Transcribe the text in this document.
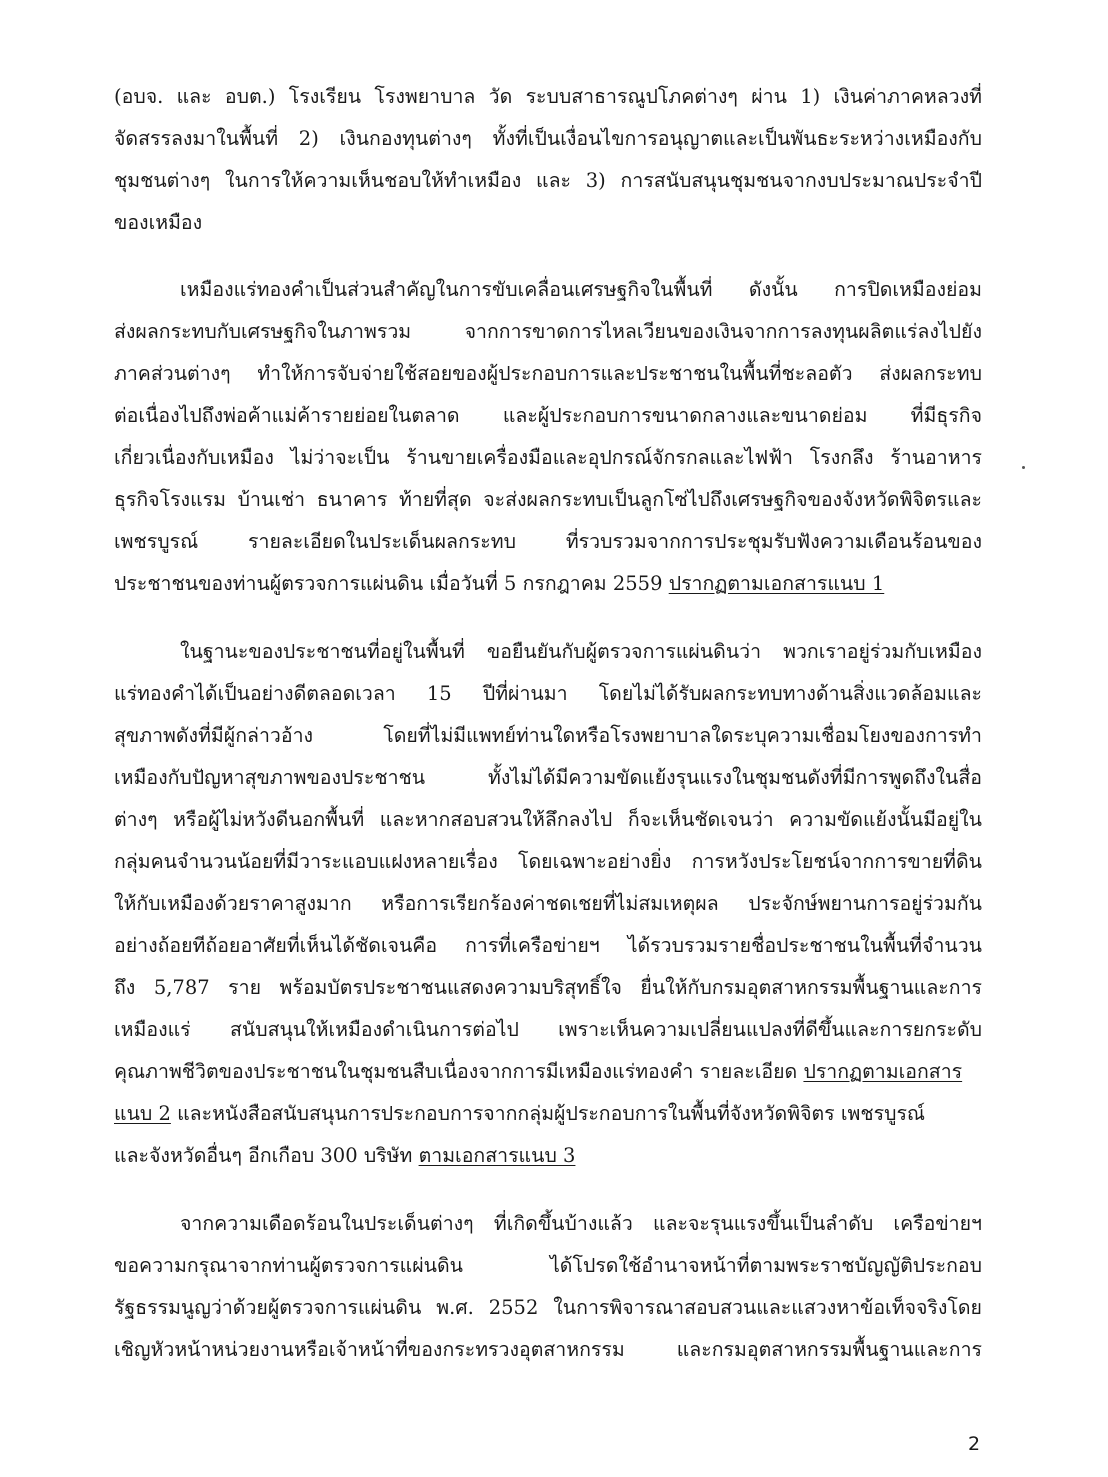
(อบจ. และ อบต.) โรงเรียน โรงพยาบาล วัด ระบบสาธารณูปโภคต่างๆ ผ่าน 1) เงินค่าภาคหลวงที่
จัดสรรลงมาในพื้นที่ 2) เงินกองทุนต่างๆ ทั้งที่เป็นเงื่อนไขการอนุญาตและเป็นพันธะระหว่างเหมืองกับ
ชุมชนต่างๆ ในการให้ความเห็นชอบให้ทำเหมือง และ 3) การสนับสนุนชุมชนจากงบประมาณประจำปี
ของเหมือง
เหมืองแร่ทองคำเป็นส่วนสำคัญในการขับเคลื่อนเศรษฐกิจในพื้นที่ ดังนั้น การปิดเหมืองย่อม
ส่งผลกระทบกับเศรษฐกิจในภาพรวม จากการขาดการไหลเวียนของเงินจากการลงทุนผลิตแร่ลงไปยัง
ภาคส่วนต่างๆ ทำให้การจับจ่ายใช้สอยของผู้ประกอบการและประชาชนในพื้นที่ชะลอตัว ส่งผลกระทบ
ต่อเนื่องไปถึงพ่อค้าแม่ค้ารายย่อยในตลาด และผู้ประกอบการขนาดกลางและขนาดย่อม ที่มีธุรกิจ
เกี่ยวเนื่องกับเหมือง ไม่ว่าจะเป็น ร้านขายเครื่องมือและอุปกรณ์จักรกลและไฟฟ้า โรงกลึง ร้านอาหาร
ธุรกิจโรงแรม บ้านเช่า ธนาคาร ท้ายที่สุด จะส่งผลกระทบเป็นลูกโซ่ไปถึงเศรษฐกิจของจังหวัดพิจิตรและ
เพชรบูรณ์ รายละเอียดในประเด็นผลกระทบ ที่รวบรวมจากการประชุมรับฟังความเดือนร้อนของ
ประชาชนของท่านผู้ตรวจการแผ่นดิน เมื่อวันที่ 5 กรกฎาคม 2559 ปรากฏตามเอกสารแนบ 1
ในฐานะของประชาชนที่อยู่ในพื้นที่ ขอยืนยันกับผู้ตรวจการแผ่นดินว่า พวกเราอยู่ร่วมกับเหมือง
แร่ทองคำได้เป็นอย่างดีตลอดเวลา 15 ปีที่ผ่านมา โดยไม่ได้รับผลกระทบทางด้านสิ่งแวดล้อมและ
สุขภาพดังที่มีผู้กล่าวอ้าง โดยที่ไม่มีแพทย์ท่านใดหรือโรงพยาบาลใดระบุความเชื่อมโยงของการทำ
เหมืองกับปัญหาสุขภาพของประชาชน ทั้งไม่ได้มีความขัดแย้งรุนแรงในชุมชนดังที่มีการพูดถึงในสื่อ
ต่างๆ หรือผู้ไม่หวังดีนอกพื้นที่ และหากสอบสวนให้ลึกลงไป ก็จะเห็นชัดเจนว่า ความขัดแย้งนั้นมีอยู่ใน
กลุ่มคนจำนวนน้อยที่มีวาระแอบแฝงหลายเรื่อง โดยเฉพาะอย่างยิ่ง การหวังประโยชน์จากการขายที่ดิน
ให้กับเหมืองด้วยราคาสูงมาก หรือการเรียกร้องค่าชดเชยที่ไม่สมเหตุผล ประจักษ์พยานการอยู่ร่วมกัน
อย่างถ้อยทีถ้อยอาศัยที่เห็นได้ชัดเจนคือ การที่เครือข่ายฯ ได้รวบรวมรายชื่อประชาชนในพื้นที่จำนวน
ถึง 5,787 ราย พร้อมบัตรประชาชนแสดงความบริสุทธิ์ใจ ยื่นให้กับกรมอุตสาหกรรมพื้นฐานและการ
เหมืองแร่ สนับสนุนให้เหมืองดำเนินการต่อไป เพราะเห็นความเปลี่ยนแปลงที่ดีขึ้นและการยกระดับ
คุณภาพชีวิตของประชาชนในชุมชนสืบเนื่องจากการมีเหมืองแร่ทองคำ รายละเอียด ปรากฏตามเอกสาร
แนบ 2 และหนังสือสนับสนุนการประกอบการจากกลุ่มผู้ประกอบการในพื้นที่จังหวัดพิจิตร เพชรบูรณ์
และจังหวัดอื่นๆ อีกเกือบ 300 บริษัท ตามเอกสารแนบ 3
จากความเดือดร้อนในประเด็นต่างๆ ที่เกิดขึ้นบ้างแล้ว และจะรุนแรงขึ้นเป็นลำดับ เครือข่ายฯ
ขอความกรุณาจากท่านผู้ตรวจการแผ่นดิน ได้โปรดใช้อำนาจหน้าที่ตามพระราชบัญญัติประกอบ
รัฐธรรมนูญว่าด้วยผู้ตรวจการแผ่นดิน พ.ศ. 2552 ในการพิจารณาสอบสวนและแสวงหาข้อเท็จจริงโดย
เชิญหัวหน้าหน่วยงานหรือเจ้าหน้าที่ของกระทรวงอุตสาหกรรม และกรมอุตสาหกรรมพื้นฐานและการ
2
